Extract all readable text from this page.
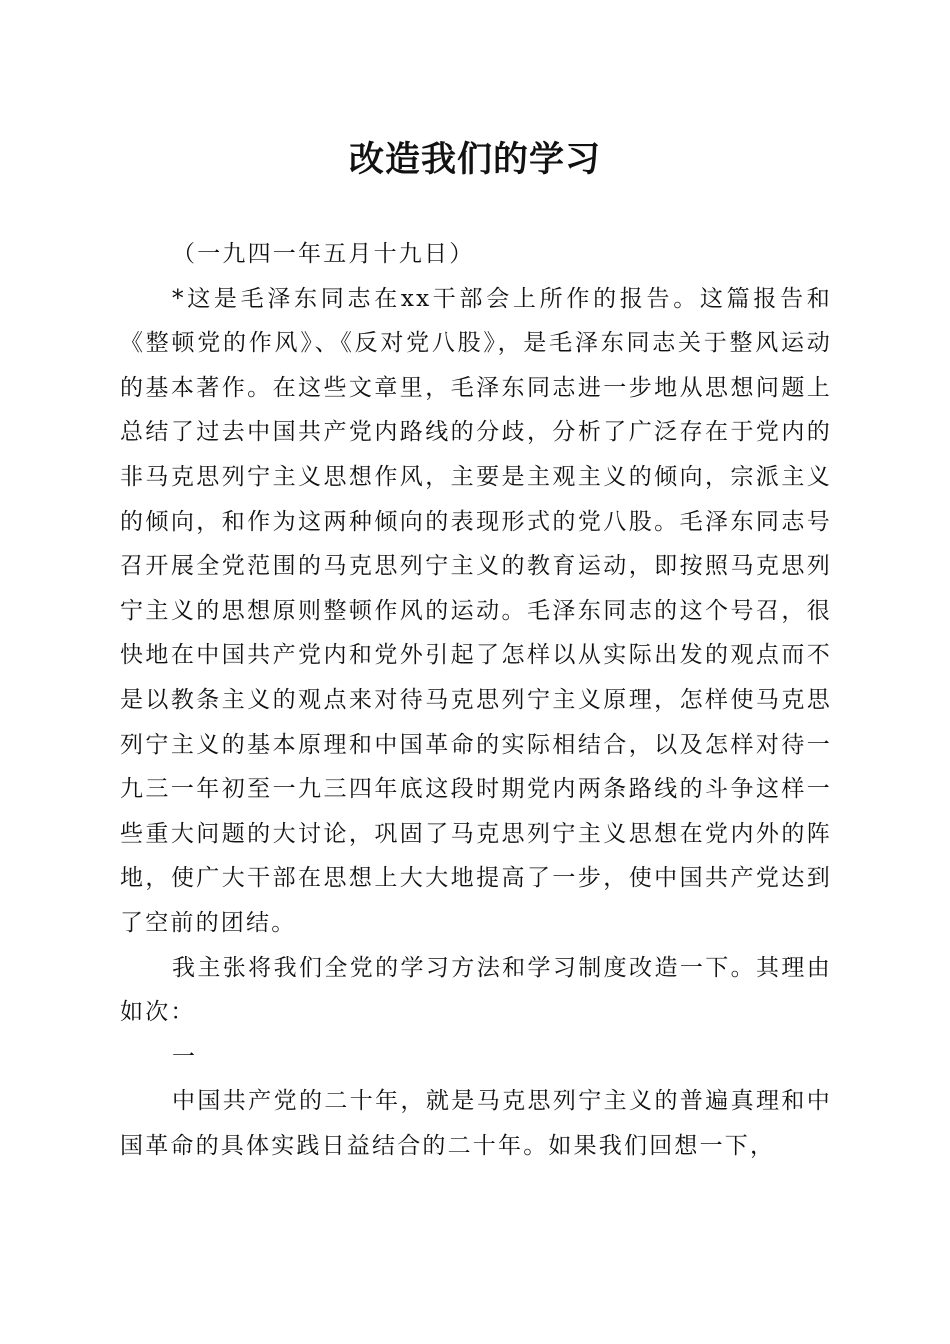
改造我们的学习

（一九四一年五月十九日）

*这是毛泽东同志在xx干部会上所作的报告。这篇报告和《整顿党的作风》、《反对党八股》，是毛泽东同志关于整风运动的基本著作。在这些文章里，毛泽东同志进一步地从思想问题上总结了过去中国共产党内路线的分歧，分析了广泛存在于党内的非马克思列宁主义思想作风，主要是主观主义的倾向，宗派主义的倾向，和作为这两种倾向的表现形式的党八股。毛泽东同志号召开展全党范围的马克思列宁主义的教育运动，即按照马克思列宁主义的思想原则整顿作风的运动。毛泽东同志的这个号召，很快地在中国共产党内和党外引起了怎样以从实际出发的观点而不是以教条主义的观点来对待马克思列宁主义原理，怎样使马克思列宁主义的基本原理和中国革命的实际相结合，以及怎样对待一九三一年初至一九三四年底这段时期党内两条路线的斗争这样一些重大问题的大讨论，巩固了马克思列宁主义思想在党内外的阵地，使广大干部在思想上大大地提高了一步，使中国共产党达到了空前的团结。

我主张将我们全党的学习方法和学习制度改造一下。其理由如次：

一

中国共产党的二十年，就是马克思列宁主义的普遍真理和中国革命的具体实践日益结合的二十年。如果我们回想一下，
